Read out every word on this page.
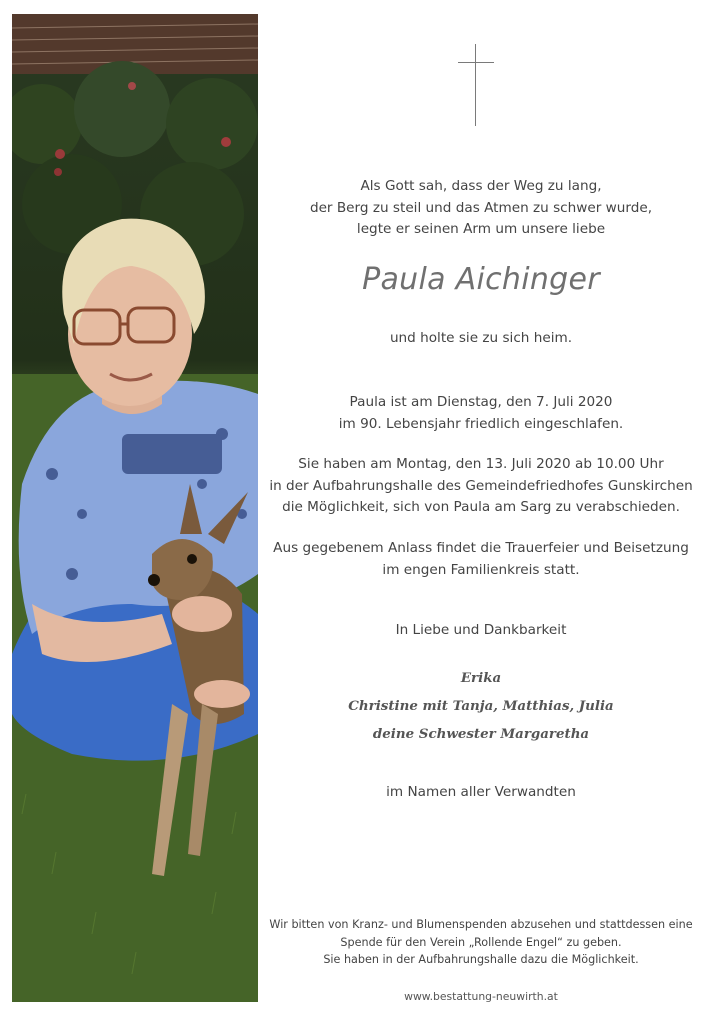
Als Gott sah, dass der Weg zu lang,
der Berg zu steil und das Atmen zu schwer wurde,
legte er seinen Arm um unsere liebe
Paula Aichinger
und holte sie zu sich heim.
Paula ist am Dienstag, den 7. Juli 2020
im 90. Lebensjahr friedlich eingeschlafen.
Sie haben am Montag, den 13. Juli 2020 ab 10.00 Uhr
in der Aufbahrungshalle des Gemeindefriedhofes Gunskirchen
die Möglichkeit, sich von Paula am Sarg zu verabschieden.
Aus gegebenem Anlass findet die Trauerfeier und Beisetzung
im engen Familienkreis statt.
In Liebe und Dankbarkeit
Erika
Christine mit Tanja, Matthias, Julia
deine Schwester Margaretha
im Namen aller Verwandten
Wir bitten von Kranz- und Blumenspenden abzusehen und stattdessen eine
Spende für den Verein „Rollende Engel“ zu geben.
Sie haben in der Aufbahrungshalle dazu die Möglichkeit.
www.bestattung-neuwirth.at
